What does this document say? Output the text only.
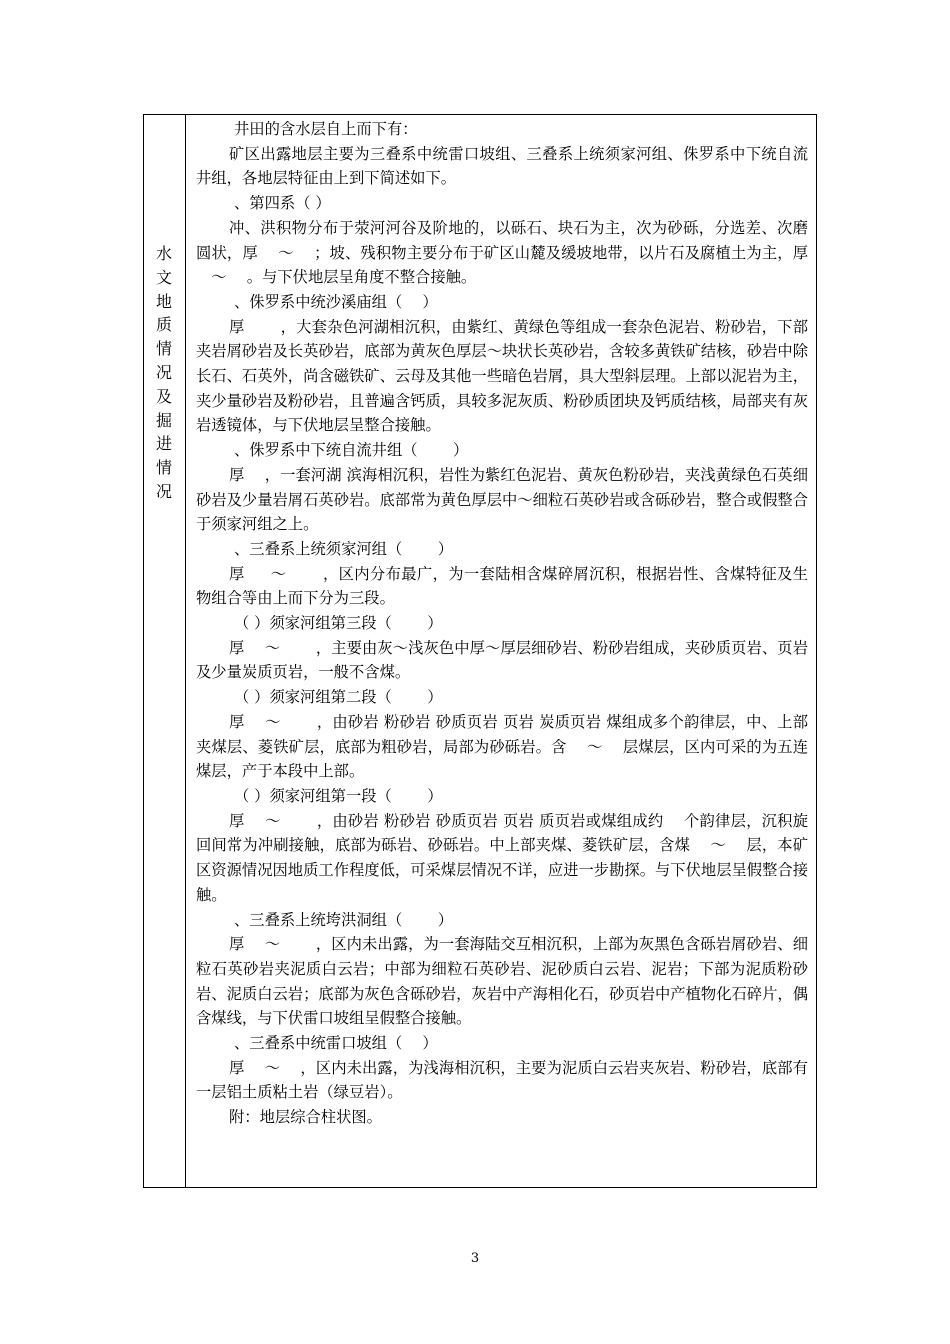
水
文
地
质
情
况
及
掘
进
情
况

井田的含水层自上而下有：

矿区出露地层主要为三叠系中统雷口坡组、三叠系上统须家河组、侏罗系中下统自流井组，各地层特征由上到下简述如下。

、第四系（ ）

冲、洪积物分布于荥河河谷及阶地的，以砾石、块石为主，次为砂砾，分选差、次磨圆状，厚 　～ 　；坡、残积物主要分布于矿区山麓及缓坡地带，以片石及腐植土为主，厚 　～ 　。与下伏地层呈角度不整合接触。

、侏罗系中统沙溪庙组（ 　）

厚 　　，大套杂色河湖相沉积，由紫红、黄绿色等组成一套杂色泥岩、粉砂岩，下部夹岩屑砂岩及长英砂岩，底部为黄灰色厚层～块状长英砂岩，含较多黄铁矿结核，砂岩中除长石、石英外，尚含磁铁矿、云母及其他一些暗色岩屑，具大型斜层理。上部以泥岩为主，夹少量砂岩及粉砂岩，且普遍含钙质，具较多泥灰质、粉砂质团块及钙质结核，局部夹有灰岩透镜体，与下伏地层呈整合接触。

、侏罗系中下统自流井组（ 　　）

厚 　，一套河湖 滨海相沉积，岩性为紫红色泥岩、黄灰色粉砂岩，夹浅黄绿色石英细砂岩及少量岩屑石英砂岩。底部常为黄色厚层中～细粒石英砂岩或含砾砂岩，整合或假整合于须家河组之上。

、三叠系上统须家河组（ 　　）

厚 　 ～ 　　，区内分布最广，为一套陆相含煤碎屑沉积，根据岩性、含煤特征及生物组合等由上而下分为三段。

（ ）须家河组第三段（ 　　）

厚 　～ 　　，主要由灰～浅灰色中厚～厚层细砂岩、粉砂岩组成，夹砂质页岩、页岩及少量炭质页岩，一般不含煤。

（ ）须家河组第二段（ 　　）

厚 　～ 　　，由砂岩 粉砂岩 砂质页岩 页岩 炭质页岩 煤组成多个韵律层，中、上部夹煤层、菱铁矿层，底部为粗砂岩，局部为砂砾岩。含 　～ 　层煤层，区内可采的为五连煤层，产于本段中上部。

（ ）须家河组第一段（ 　　）

厚 　～ 　　，由砂岩 粉砂岩 砂质页岩 页岩 质页岩或煤组成约 　个韵律层，沉积旋回间常为冲刷接触，底部为砾岩、砂砾岩。中上部夹煤、菱铁矿层，含煤 　～ 　层，本矿区资源情况因地质工作程度低，可采煤层情况不详，应进一步勘探。与下伏地层呈假整合接触。

、三叠系上统垮洪洞组（ 　　）

厚 　～ 　　，区内未出露，为一套海陆交互相沉积，上部为灰黑色含砾岩屑砂岩、细粒石英砂岩夹泥质白云岩；中部为细粒石英砂岩、泥砂质白云岩、泥岩；下部为泥质粉砂岩、泥质白云岩；底部为灰色含砾砂岩，灰岩中产海相化石，砂页岩中产植物化石碎片，偶含煤线，与下伏雷口坡组呈假整合接触。

、三叠系中统雷口坡组（ 　）

厚 　～ 　，区内未出露，为浅海相沉积，主要为泥质白云岩夹灰岩、粉砂岩，底部有一层铝土质粘土岩（绿豆岩）。

附：地层综合柱状图。

3
